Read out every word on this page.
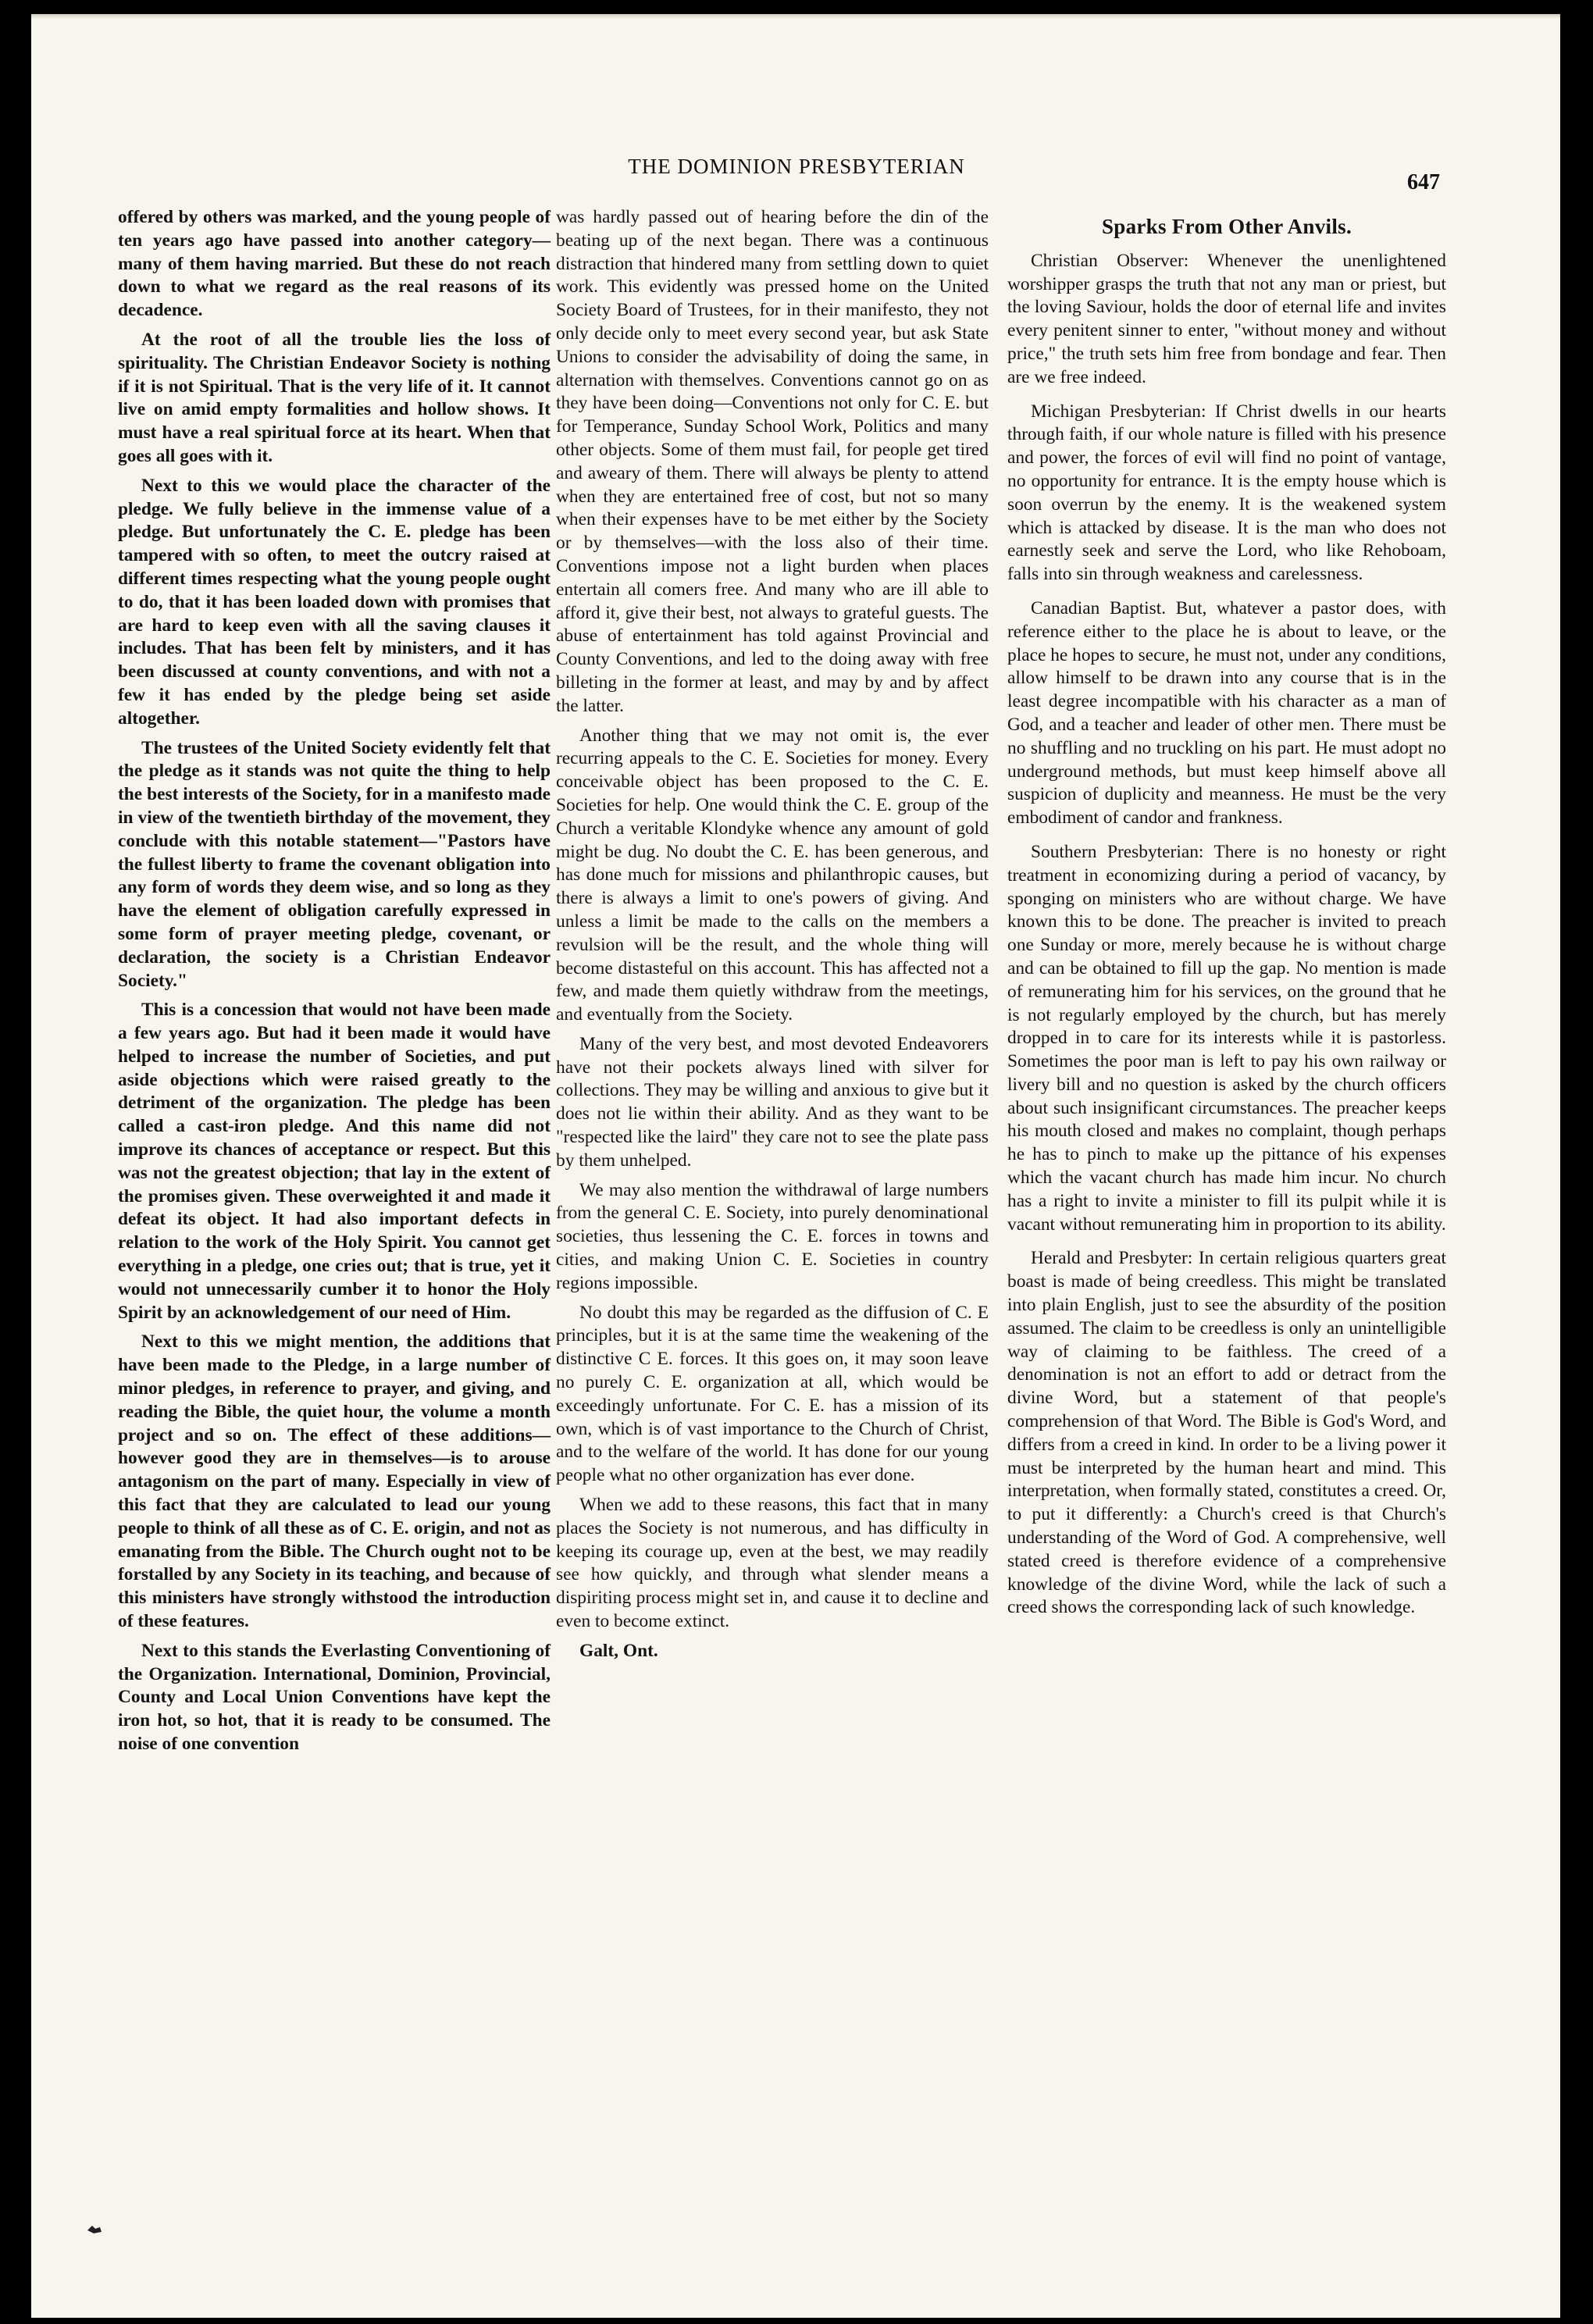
THE DOMINION PRESBYTERIAN
647

offered by others was marked, and the young people of ten years ago have passed into another category—many of them having married. But these do not reach down to what we regard as the real reasons of its decadence.

At the root of all the trouble lies the loss of spirituality. The Christian Endeavor Society is nothing if it is not Spiritual. That is the very life of it. It cannot live on amid empty formalities and hollow shows. It must have a real spiritual force at its heart. When that goes all goes with it.

Next to this we would place the character of the pledge. We fully believe in the immense value of a pledge. But unfortunately the C. E. pledge has been tampered with so often, to meet the outcry raised at different times respecting what the young people ought to do, that it has been loaded down with promises that are hard to keep even with all the saving clauses it includes. That has been felt by ministers, and it has been discussed at county conventions, and with not a few it has ended by the pledge being set aside altogether.

The trustees of the United Society evidently felt that the pledge as it stands was not quite the thing to help the best interests of the Society, for in a manifesto made in view of the twentieth birthday of the movement, they conclude with this notable statement—"Pastors have the fullest liberty to frame the covenant obligation into any form of words they deem wise, and so long as they have the element of obligation carefully expressed in some form of prayer meeting pledge, covenant, or declaration, the society is a Christian Endeavor Society."

This is a concession that would not have been made a few years ago. But had it been made it would have helped to increase the number of Societies, and put aside objections which were raised greatly to the detriment of the organization. The pledge has been called a cast-iron pledge. And this name did not improve its chances of acceptance or respect. But this was not the greatest objection; that lay in the extent of the promises given. These overweighted it and made it defeat its object. It had also important defects in relation to the work of the Holy Spirit. You cannot get everything in a pledge, one cries out; that is true, yet it would not unnecessarily cumber it to honor the Holy Spirit by an acknowledgement of our need of Him.

Next to this we might mention, the additions that have been made to the Pledge, in a large number of minor pledges, in reference to prayer, and giving, and reading the Bible, the quiet hour, the volume a month project and so on. The effect of these additions—however good they are in themselves—is to arouse antagonism on the part of many. Especially in view of this fact that they are calculated to lead our young people to think of all these as of C. E. origin, and not as emanating from the Bible. The Church ought not to be forstalled by any Society in its teaching, and because of this ministers have strongly withstood the introduction of these features.

Next to this stands the Everlasting Conventioning of the Organization. International, Dominion, Provincial, County and Local Union Conventions have kept the iron hot, so hot, that it is ready to be consumed. The noise of one convention

was hardly passed out of hearing before the din of the beating up of the next began. There was a continuous distraction that hindered many from settling down to quiet work. This evidently was pressed home on the United Society Board of Trustees, for in their manifesto, they not only decide only to meet every second year, but ask State Unions to consider the advisability of doing the same, in alternation with themselves. Conventions cannot go on as they have been doing—Conventions not only for C. E. but for Temperance, Sunday School Work, Politics and many other objects. Some of them must fail, for people get tired and aweary of them. There will always be plenty to attend when they are entertained free of cost, but not so many when their expenses have to be met either by the Society or by themselves—with the loss also of their time. Conventions impose not a light burden when places entertain all comers free. And many who are ill able to afford it, give their best, not always to grateful guests. The abuse of entertainment has told against Provincial and County Conventions, and led to the doing away with free billeting in the former at least, and may by and by affect the latter.

Another thing that we may not omit is, the ever recurring appeals to the C. E. Societies for money. Every conceivable object has been proposed to the C. E. Societies for help. One would think the C. E. group of the Church a veritable Klondyke whence any amount of gold might be dug. No doubt the C. E. has been generous, and has done much for missions and philanthropic causes, but there is always a limit to one's powers of giving. And unless a limit be made to the calls on the members a revulsion will be the result, and the whole thing will become distasteful on this account. This has affected not a few, and made them quietly withdraw from the meetings, and eventually from the Society.

Many of the very best, and most devoted Endeavorers have not their pockets always lined with silver for collections. They may be willing and anxious to give but it does not lie within their ability. And as they want to be "respected like the laird" they care not to see the plate pass by them unhelped.

We may also mention the withdrawal of large numbers from the general C. E. Society, into purely denominational societies, thus lessening the C. E. forces in towns and cities, and making Union C. E. Societies in country regions impossible.

No doubt this may be regarded as the diffusion of C. E principles, but it is at the same time the weakening of the distinctive C E. forces. It this goes on, it may soon leave no purely C. E. organization at all, which would be exceedingly unfortunate. For C. E. has a mission of its own, which is of vast importance to the Church of Christ, and to the welfare of the world. It has done for our young people what no other organization has ever done.

When we add to these reasons, this fact that in many places the Society is not numerous, and has difficulty in keeping its courage up, even at the best, we may readily see how quickly, and through what slender means a dispiriting process might set in, and cause it to decline and even to become extinct.

Galt, Ont.
Sparks From Other Anvils.

Christian Observer: Whenever the unenlightened worshipper grasps the truth that not any man or priest, but the loving Saviour, holds the door of eternal life and invites every penitent sinner to enter, "without money and without price," the truth sets him free from bondage and fear. Then are we free indeed.

Michigan Presbyterian: If Christ dwells in our hearts through faith, if our whole nature is filled with his presence and power, the forces of evil will find no point of vantage, no opportunity for entrance. It is the empty house which is soon overrun by the enemy. It is the weakened system which is attacked by disease. It is the man who does not earnestly seek and serve the Lord, who like Rehoboam, falls into sin through weakness and carelessness.

Canadian Baptist. But, whatever a pastor does, with reference either to the place he is about to leave, or the place he hopes to secure, he must not, under any conditions, allow himself to be drawn into any course that is in the least degree incompatible with his character as a man of God, and a teacher and leader of other men. There must be no shuffling and no truckling on his part. He must adopt no underground methods, but must keep himself above all suspicion of duplicity and meanness. He must be the very embodiment of candor and frankness.

Southern Presbyterian: There is no honesty or right treatment in economizing during a period of vacancy, by sponging on ministers who are without charge. We have known this to be done. The preacher is invited to preach one Sunday or more, merely because he is without charge and can be obtained to fill up the gap. No mention is made of remunerating him for his services, on the ground that he is not regularly employed by the church, but has merely dropped in to care for its interests while it is pastorless. Sometimes the poor man is left to pay his own railway or livery bill and no question is asked by the church officers about such insignificant circumstances. The preacher keeps his mouth closed and makes no complaint, though perhaps he has to pinch to make up the pittance of his expenses which the vacant church has made him incur. No church has a right to invite a minister to fill its pulpit while it is vacant without remunerating him in proportion to its ability.

Herald and Presbyter: In certain religious quarters great boast is made of being creedless. This might be translated into plain English, just to see the absurdity of the position assumed. The claim to be creedless is only an unintelligible way of claiming to be faithless. The creed of a denomination is not an effort to add or detract from the divine Word, but a statement of that people's comprehension of that Word. The Bible is God's Word, and differs from a creed in kind. In order to be a living power it must be interpreted by the human heart and mind. This interpretation, when formally stated, constitutes a creed. Or, to put it differently: a Church's creed is that Church's understanding of the Word of God. A comprehensive, well stated creed is therefore evidence of a comprehensive knowledge of the divine Word, while the lack of such a creed shows the corresponding lack of such knowledge.
